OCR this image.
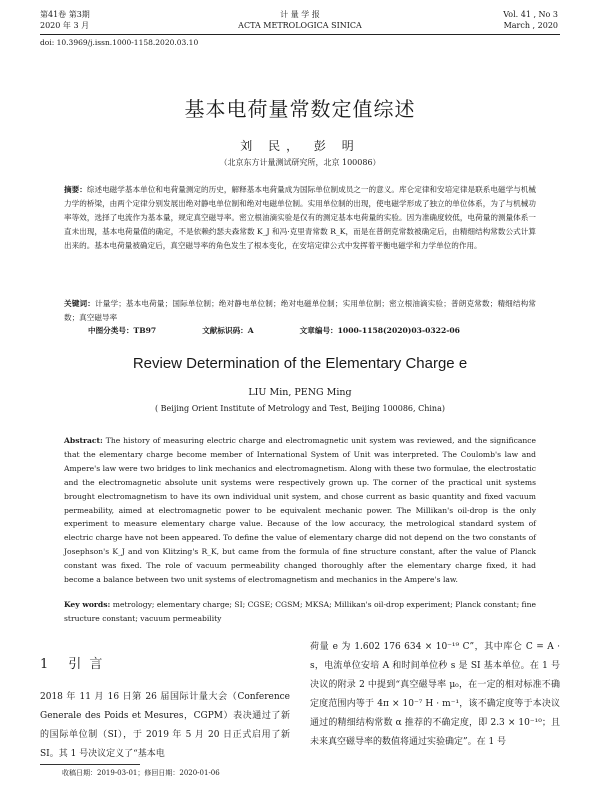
第41卷 第3期
2020 年 3 月
计 量 学 报
ACTA METROLOGICA SINICA
Vol. 41 , No 3
March , 2020
doi: 10.3969/j.issn.1000-1158.2020.03.10
基本电荷量常数定值综述
刘 民， 彭 明
（北京东方计量测试研究所，北京 100086）
摘要：综述电磁学基本单位和电荷量测定的历史，解释基本电荷量成为国际单位制成员之一的意义。库仑定律和安培定律是联系电磁学与机械力学的桥梁，由两个定律分别发展出绝对静电单位制和绝对电磁单位制。实用单位制的出现，使电磁学形成了独立的单位体系，为了与机械功率等效，选择了电流作为基本量，规定真空磁导率。密立根油滴实验是仅有的测定基本电荷量的实验。因为准确度较低，电荷量的测量体系一直未出现，基本电荷量值的确定，不是依赖约瑟夫森常数 K_J 和冯·克里青常数 R_K，而是在普朗克常数被确定后，由精细结构常数公式计算出来的。基本电荷量被确定后，真空磁导率的角色发生了根本变化，在安培定律公式中发挥着平衡电磁学和力学单位的作用。
关键词：计量学；基本电荷量；国际单位制；绝对静电单位制；绝对电磁单位制；实用单位制；密立根油滴实验；普朗克常数；精细结构常数；真空磁导率
中图分类号：TB97	文献标识码：A	文章编号：1000-1158(2020)03-0322-06
Review Determination of the Elementary Charge e
LIU Min, PENG Ming
( Beijing Orient Institute of Metrology and Test, Beijing 100086, China)
Abstract: The history of measuring electric charge and electromagnetic unit system was reviewed, and the significance that the elementary charge become member of International System of Unit was interpreted. The Coulomb's law and Ampere's law were two bridges to link mechanics and electromagnetism. Along with these two formulae, the electrostatic and the electromagnetic absolute unit systems were respectively grown up. The corner of the practical unit systems brought electromagnetism to have its own individual unit system, and chose current as basic quantity and fixed vacuum permeability, aimed at electromagnetic power to be equivalent mechanic power. The Millikan's oil-drop is the only experiment to measure elementary charge value. Because of the low accuracy, the metrological standard system of electric charge have not been appeared. To define the value of elementary charge did not depend on the two constants of Josephson's K_J and von Klitzing's R_K, but came from the formula of fine structure constant, after the value of Planck constant was fixed. The role of vacuum permeability changed thoroughly after the elementary charge fixed, it had become a balance between two unit systems of electromagnetism and mechanics in the Ampere's law.
Key words: metrology; elementary charge; SI; CGSE; CGSM; MKSA; Millikan's oil-drop experiment; Planck constant; fine structure constant; vacuum permeability
1 引 言
2018 年 11 月 16 日第 26 届国际计量大会（Conference Generale des Poids et Mesures，CGPM）表决通过了新的国际单位制（SI），于 2019 年 5 月 20 日正式启用了新 SI。其 1 号决议定义了“基本电
荷量 e 为 1.602 176 634 × 10⁻¹⁹ C”，其中库仑 C = A · s，电流单位安培 A 和时间单位秒 s 是 SI 基本单位。在 1 号决议的附录 2 中提到“真空磁导率 μ₀，在一定的相对标准不确定度范围内等于 4π × 10⁻⁷ H · m⁻¹，该不确定度等于本决议通过的精细结构常数 α 推荐的不确定度，即 2.3 × 10⁻¹⁰；且未来真空磁导率的数值将通过实验确定”。在 1 号
收稿日期：2019-03-01；修回日期：2020-01-06
